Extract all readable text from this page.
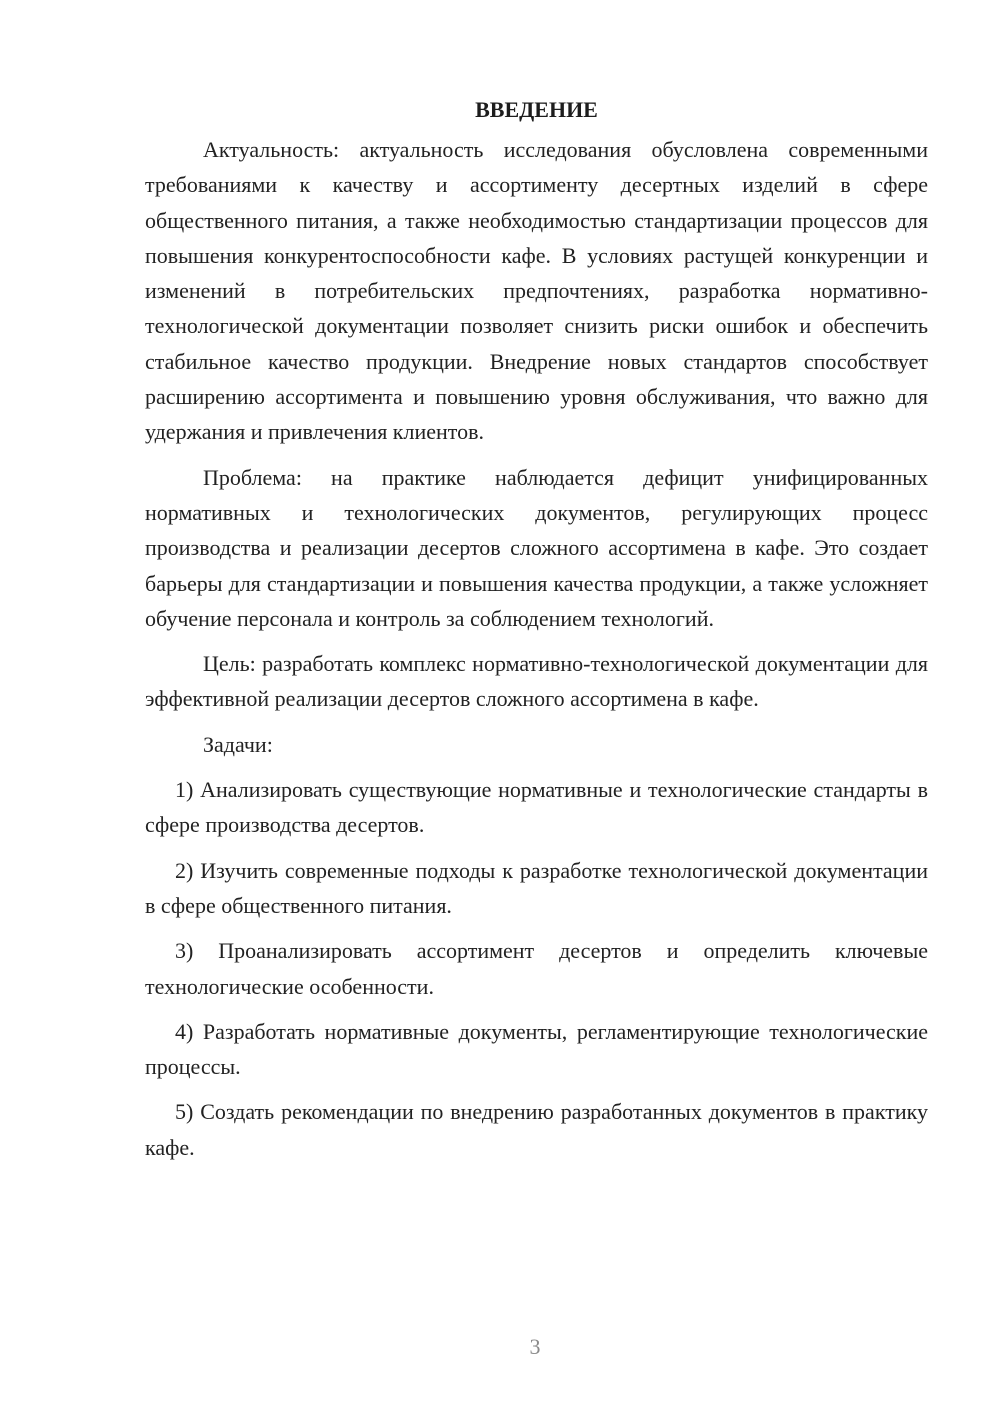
ВВЕДЕНИЕ

Актуальность: актуальность исследования обусловлена современными требованиями к качеству и ассортименту десертных изделий в сфере общественного питания, а также необходимостью стандартизации процессов для повышения конкурентоспособности кафе. В условиях растущей конкуренции и изменений в потребительских предпочтениях, разработка нормативно-технологической документации позволяет снизить риски ошибок и обеспечить стабильное качество продукции. Внедрение новых стандартов способствует расширению ассортимента и повышению уровня обслуживания, что важно для удержания и привлечения клиентов.

Проблема: на практике наблюдается дефицит унифицированных нормативных и технологических документов, регулирующих процесс производства и реализации десертов сложного ассортимена в кафе. Это создает барьеры для стандартизации и повышения качества продукции, а также усложняет обучение персонала и контроль за соблюдением технологий.

Цель: разработать комплекс нормативно-технологической документации для эффективной реализации десертов сложного ассортимена в кафе.

Задачи:

1) Анализировать существующие нормативные и технологические стандарты в сфере производства десертов.

2) Изучить современные подходы к разработке технологической документации в сфере общественного питания.

3) Проанализировать ассортимент десертов и определить ключевые технологические особенности.

4) Разработать нормативные документы, регламентирующие технологические процессы.

5) Создать рекомендации по внедрению разработанных документов в практику кафе.

3
